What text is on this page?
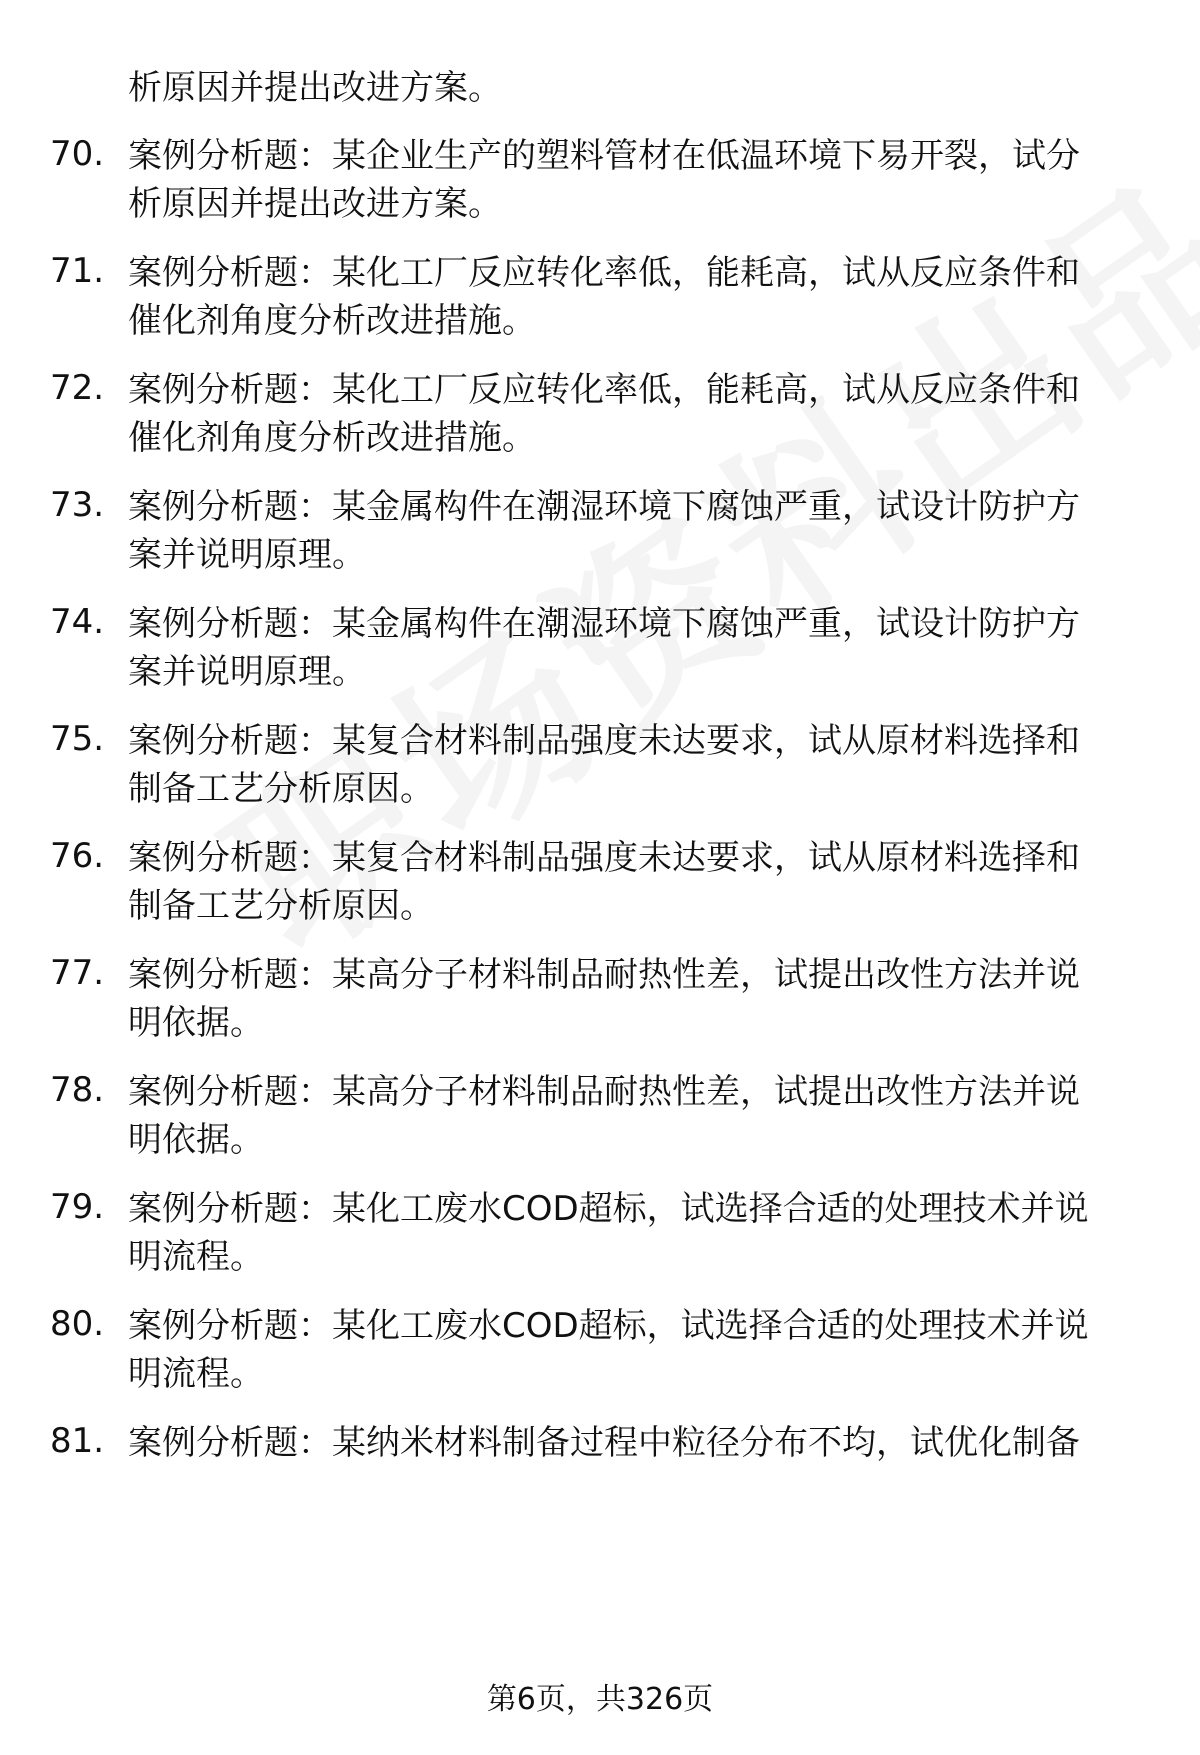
析原因并提出改进方案。
70. 案例分析题：某企业生产的塑料管材在低温环境下易开裂，试分
析原因并提出改进方案。
71. 案例分析题：某化工厂反应转化率低，能耗高，试从反应条件和
催化剂角度分析改进措施。
72. 案例分析题：某化工厂反应转化率低，能耗高，试从反应条件和
催化剂角度分析改进措施。
73. 案例分析题：某金属构件在潮湿环境下腐蚀严重，试设计防护方
案并说明原理。
74. 案例分析题：某金属构件在潮湿环境下腐蚀严重，试设计防护方
案并说明原理。
75. 案例分析题：某复合材料制品强度未达要求，试从原材料选择和
制备工艺分析原因。
76. 案例分析题：某复合材料制品强度未达要求，试从原材料选择和
制备工艺分析原因。
77. 案例分析题：某高分子材料制品耐热性差，试提出改性方法并说
明依据。
78. 案例分析题：某高分子材料制品耐热性差，试提出改性方法并说
明依据。
79. 案例分析题：某化工废水COD超标，试选择合适的处理技术并说
明流程。
80. 案例分析题：某化工废水COD超标，试选择合适的处理技术并说
明流程。
81. 案例分析题：某纳米材料制备过程中粒径分布不均，试优化制备
第6页，共326页
